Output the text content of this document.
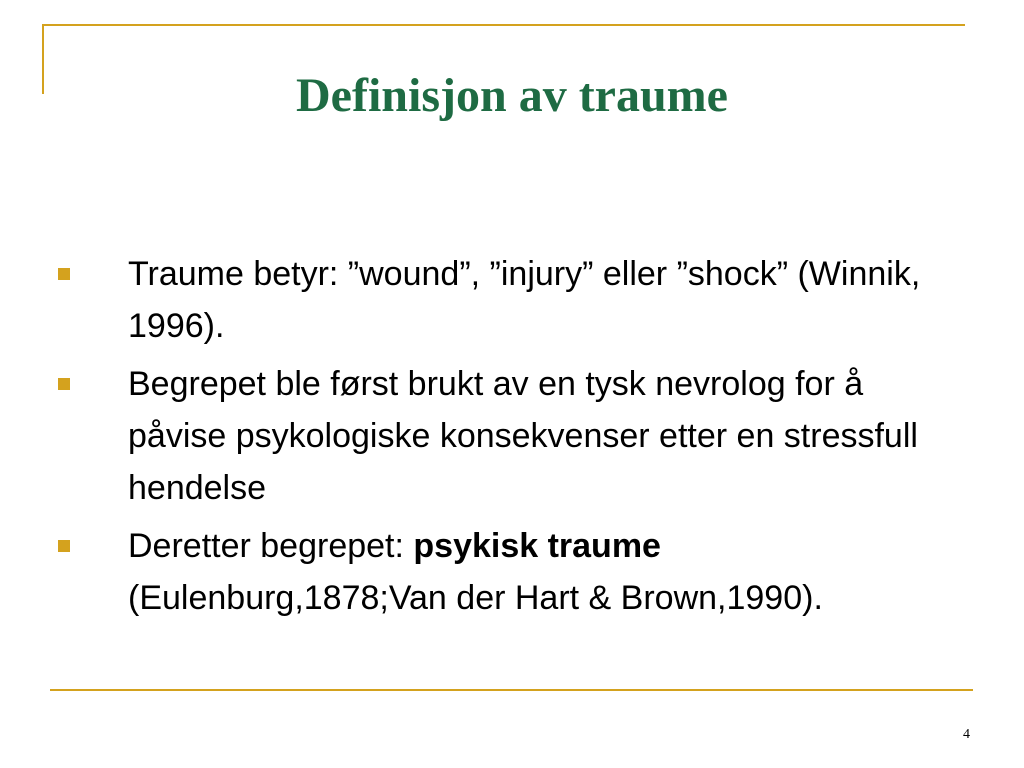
Definisjon av traume
Traume betyr: ”wound”, ”injury” eller ”shock” (Winnik, 1996).
Begrepet ble først brukt av en tysk nevrolog for å påvise psykologiske konsekvenser etter en stressfull hendelse
Deretter begrepet: psykisk traume (Eulenburg,1878;Van der Hart & Brown,1990).
4
